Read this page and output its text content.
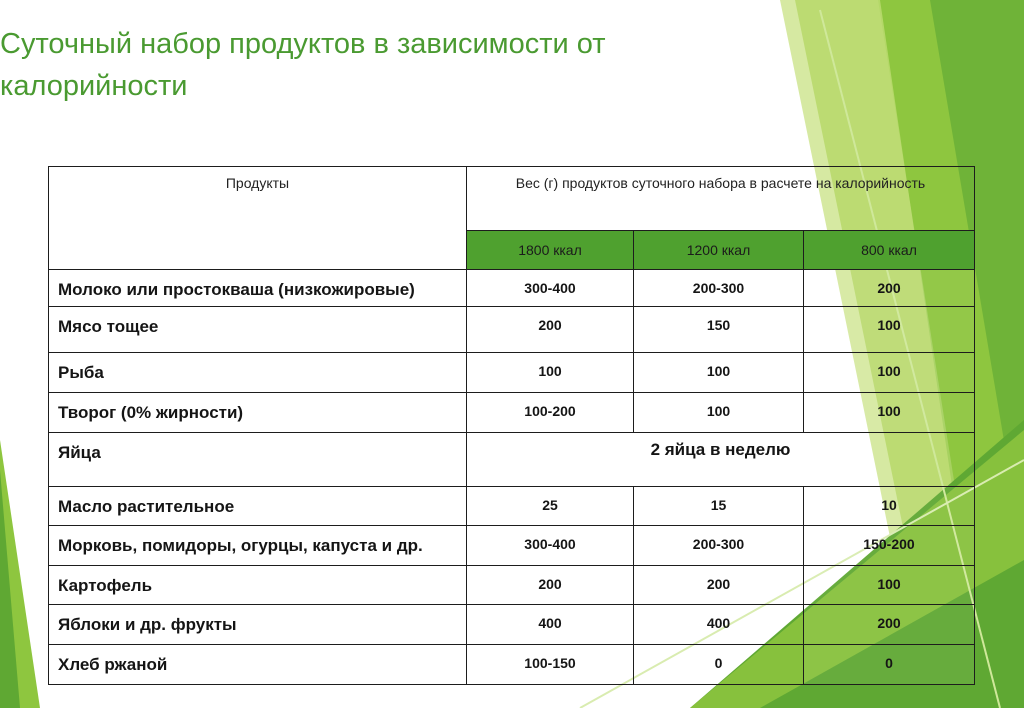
Суточный набор продуктов в зависимости от калорийности
Продукты	Вес (г) продуктов суточного набора в расчете на калорийность		
	1800 ккал	1200 ккал	800 ккал
Молоко или простокваша (низкожировые)	300-400	200-300	200
Мясо тощее	200	150	100
Рыба	100	100	100
Творог (0% жирности)	100-200	100	100
Яйца	2 яйца в неделю		
Масло растительное	25	15	10
Морковь, помидоры, огурцы, капуста и др.	300-400	200-300	150-200
Картофель	200	200	100
Яблоки и др. фрукты	400	400	200
Хлеб ржаной	100-150	0	0
